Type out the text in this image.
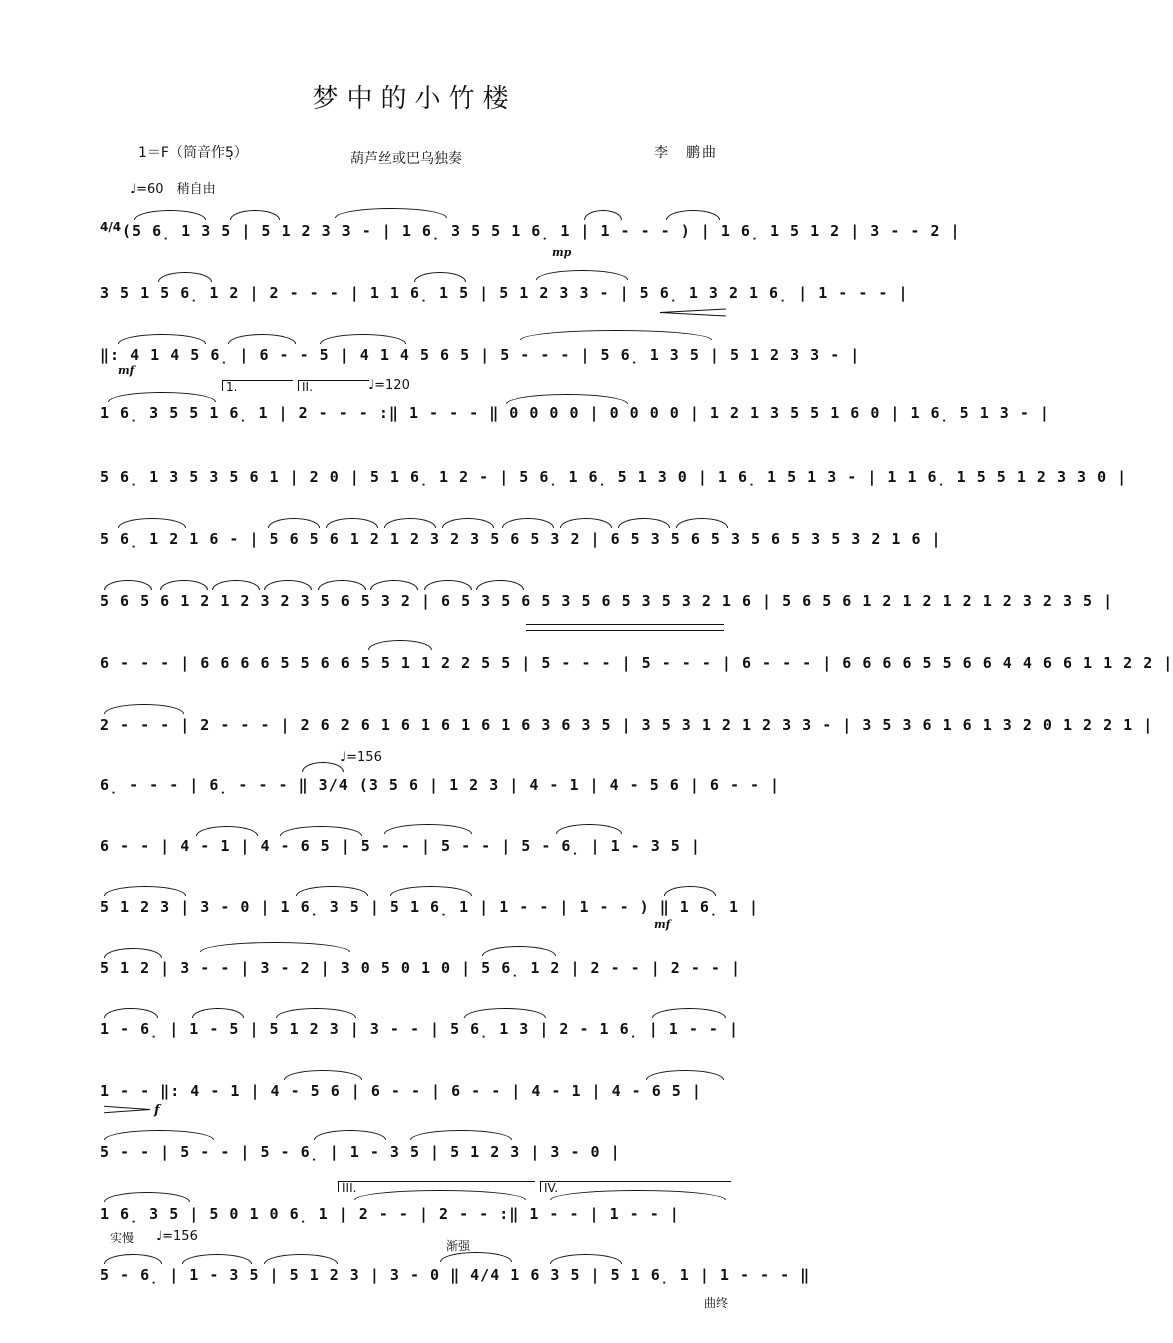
梦中的小竹楼
1＝F（筒音作5̣）	葫芦丝或巴乌独奏	李　鹏曲
♩=60　稍自由
♩=120
♩=156
♩=156
4/4
mp
mf
mf
f
1.	II.
III.	IV.
实慢
渐强
曲终
(5 6̣ 1 3 5 | 5 1 2 3 3 - | 1 6̣ 3 5 5 1 6̣ 1 | 1 - - - ) | 1 6̣ 1 5 1 2 | 3 - - 2 |
3 5 1 5 6̣ 1 2 | 2 - - - | 1 1 6̣ 1 5 | 5 1 2 3 3 - | 5 6̣ 1 3 2 1 6̣ | 1 - - - |
‖: 4 1 4 5 6̣ | 6 - - 5 | 4 1 4 5 6 5 | 5 - - - | 5 6̣ 1 3 5 | 5 1 2 3 3 - |
1 6̣ 3 5 5 1 6̣ 1 | 2 - - - :‖ 1 - - - ‖ 0 0 0 0 | 0 0 0 0 | 1 2 1 3 5 5 1 6 0 | 1 6̣ 5 1 3 - |
5 6̣ 1 3 5 3 5 6 1 | 2 0 | 5 1 6̣ 1 2 - | 5 6̣ 1 6̣ 5 1 3 0 | 1 6̣ 1 5 1 3 - | 1 1 6̣ 1 5 5 1 2 3 3 0 |
5 6̣ 1 2 1 6 - | 5 6 5 6 1 2 1 2 3 2 3 5 6 5 3 2 | 6 5 3 5 6 5 3 5 6 5 3 5 3 2 1 6 |
5 6 5 6 1 2 1 2 3 2 3 5 6 5 3 2 | 6 5 3 5 6 5 3 5 6 5 3 5 3 2 1 6 | 5 6 5 6 1 2 1 2 1 2 1 2 3 2 3 5 |
6 - - - | 6 6 6 6 5 5 6 6 5 5 1 1 2 2 5 5 | 5 - - - | 5 - - - | 6 - - - | 6 6 6 6 5 5 6 6 4 4 6 6 1 1 2 2 |
2 - - - | 2 - - - | 2 6 2 6 1 6 1 6 1 6 1 6 3 6 3 5 | 3 5 3 1 2 1 2 3 3 - | 3 5 3 6 1 6 1 3 2 0 1 2 2 1 |
6̣ - - - | 6̣ - - - ‖ 3/4 (3 5 6 | 1 2 3 | 4 - 1 | 4 - 5 6 | 6 - - |
6 - - | 4 - 1 | 4 - 6 5 | 5 - - | 5 - - | 5 - 6̣ | 1 - 3 5 |
5 1 2 3 | 3 - 0 | 1 6̣ 3 5 | 5 1 6̣ 1 | 1 - - | 1 - - ) ‖ 1 6̣ 1 |
5 1 2 | 3 - - | 3 - 2 | 3 0 5 0 1 0 | 5 6̣ 1 2 | 2 - - | 2 - - |
1 - 6̣ | 1 - 5 | 5 1 2 3 | 3 - - | 5 6̣ 1 3 | 2 - 1 6̣ | 1 - - |
1 - - ‖: 4 - 1 | 4 - 5 6 | 6 - - | 6 - - | 4 - 1 | 4 - 6 5 |
5 - - | 5 - - | 5 - 6̣ | 1 - 3 5 | 5 1 2 3 | 3 - 0 |
1 6̣ 3 5 | 5 0 1 0 6̣ 1 | 2 - - | 2 - - :‖ 1 - - | 1 - - |
5 - 6̣ | 1 - 3 5 | 5 1 2 3 | 3 - 0 ‖ 4/4 1 6 3 5 | 5 1 6̣ 1 | 1 - - - ‖
